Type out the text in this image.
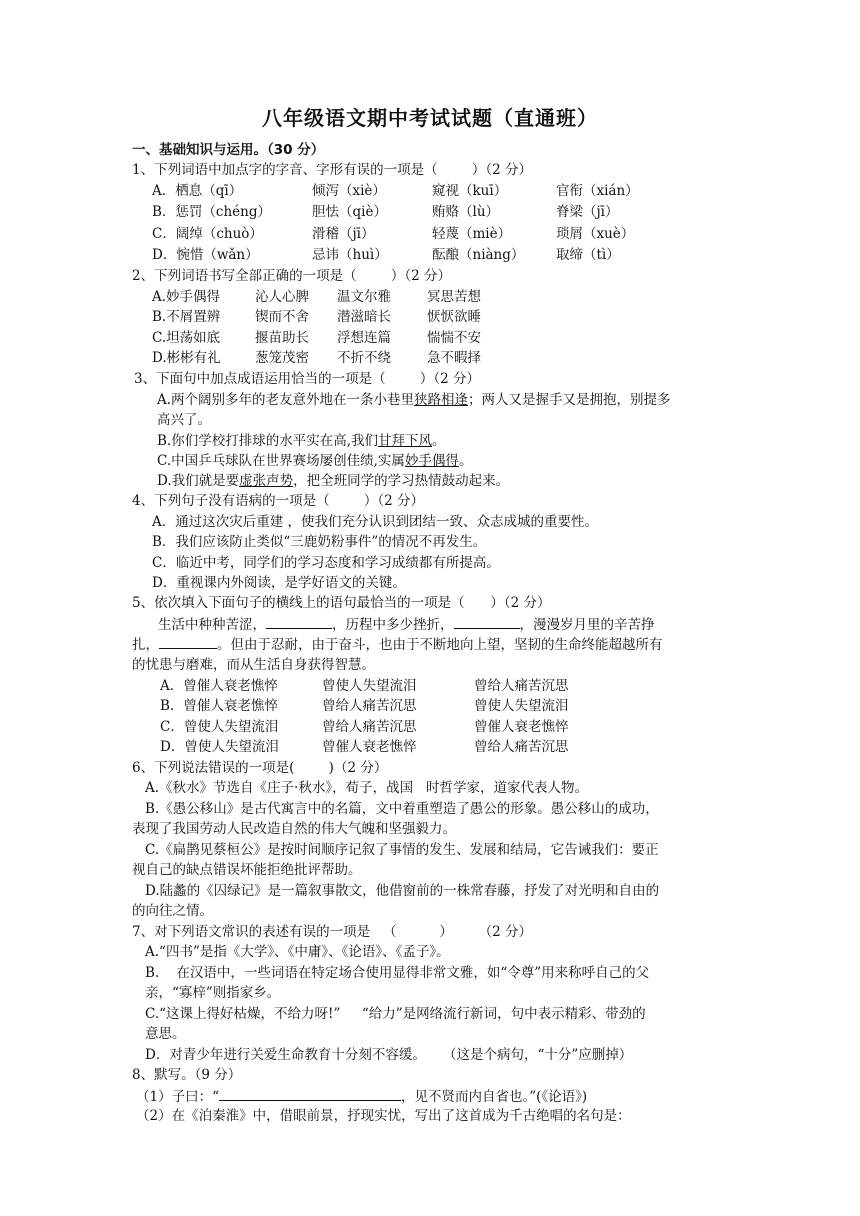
八年级语文期中考试试题（直通班）
一、基础知识与运用。（30 分）
1、下列词语中加点字的字音、字形有误的一项是（        ）（2 分）
A．栖息（qī）	倾泻（xiè）	窥视（kuī）	官衔（xián）
B．惩罚（chéng）	胆怯（qiè）	贿赂（lù）	脊梁（jī）
C．阔绰（chuò）	滑稽（jī）	轻蔑（miè）	琐屑（xuè）
D．惋惜（wǎn）	忌讳（huì）	酝酿（niàng） 取缔（tì）
2、下列词语书写全部正确的一项是（        ）（2 分）
A.妙手偶得	沁人心脾 温文尔雅	冥思苦想
B.不屑置辨	锲而不舍 潜滋暗长	恹恹欲睡
C.坦荡如底	揠苗助长 浮想连篇	惴惴不安
D.彬彬有礼	葱笼茂密 不折不绕	急不暇择
3、下面句中加点成语运用恰当的一项是（        ）（2 分）
A.两个阔别多年的老友意外地在一条小巷里狭路相逢；两人又是握手又是拥抱，别提多
高兴了。
B.你们学校打排球的水平实在高,我们甘拜下风。
C.中国乒乓球队在世界赛场屡创佳绩,实属妙手偶得。
D.我们就是要虚张声势，把全班同学的学习热情鼓动起来。
4、下列句子没有语病的一项是（        ）（2 分）
A．通过这次灾后重建 ，使我们充分认识到团结一致、众志成城的重要性。
B．我们应该防止类似“三鹿奶粉事件”的情况不再发生。
C．临近中考，同学们的学习态度和学习成绩都有所提高。
D．重视课内外阅读，是学好语文的关键。
5、依次填入下面句子的横线上的语句最恰当的一项是（      ）（2 分）
生活中种种苦涩，	，历程中多少挫折，	，漫漫岁月里的辛苦挣
扎，	。但由于忍耐，由于奋斗，也由于不断地向上望，坚韧的生命终能超越所有
的忧患与磨难，而从生活自身获得智慧。
A．曾催人衰老憔悴	曾使人失望流泪	曾给人痛苦沉思
B．曾催人衰老憔悴	曾给人痛苦沉思	曾使人失望流泪
C．曾使人失望流泪	曾给人痛苦沉思	曾催人衰老憔悴
D．曾使人失望流泪	曾催人衰老憔悴	曾给人痛苦沉思
6、下列说法错误的一项是(        )（2 分）
A.《秋水》节选自《庄子·秋水》，荀子，战国   时哲学家，道家代表人物。
B.《愚公移山》是古代寓言中的名篇，文中着重塑造了愚公的形象。愚公移山的成功，
表现了我国劳动人民改造自然的伟大气魄和坚强毅力。
C.《扁鹊见蔡桓公》是按时间顺序记叙了事情的发生、发展和结局，它告诫我们：要正
视自己的缺点错误坏能拒绝批评帮助。
D.陆蠡的《囚绿记》是一篇叙事散文，他借窗前的一株常春藤，抒发了对光明和自由的
的向往之情。
7、对下列语文常识的表述有误的一项是   （          ）      （2 分）
A.“四书”是指《大学》、《中庸》、《论语》、《孟子》。
B.    在汉语中，一些词语在特定场合使用显得非常文雅，如“令尊”用来称呼自己的父
亲，“寡梓”则指家乡。
C.“这课上得好枯燥，不给力呀!”     “给力”是网络流行新词，句中表示精彩、带劲的
意思。
D．对青少年进行关爱生命教育十分刻不容缓。    （这是个病句，“十分”应删掉）
8、默写。（9 分）
（1）子曰：“	，见不贤而内自省也。”(《论语》)
（2）在《泊秦淮》中，借眼前景，抒现实忧，写出了这首成为千古绝唱的名句是：
